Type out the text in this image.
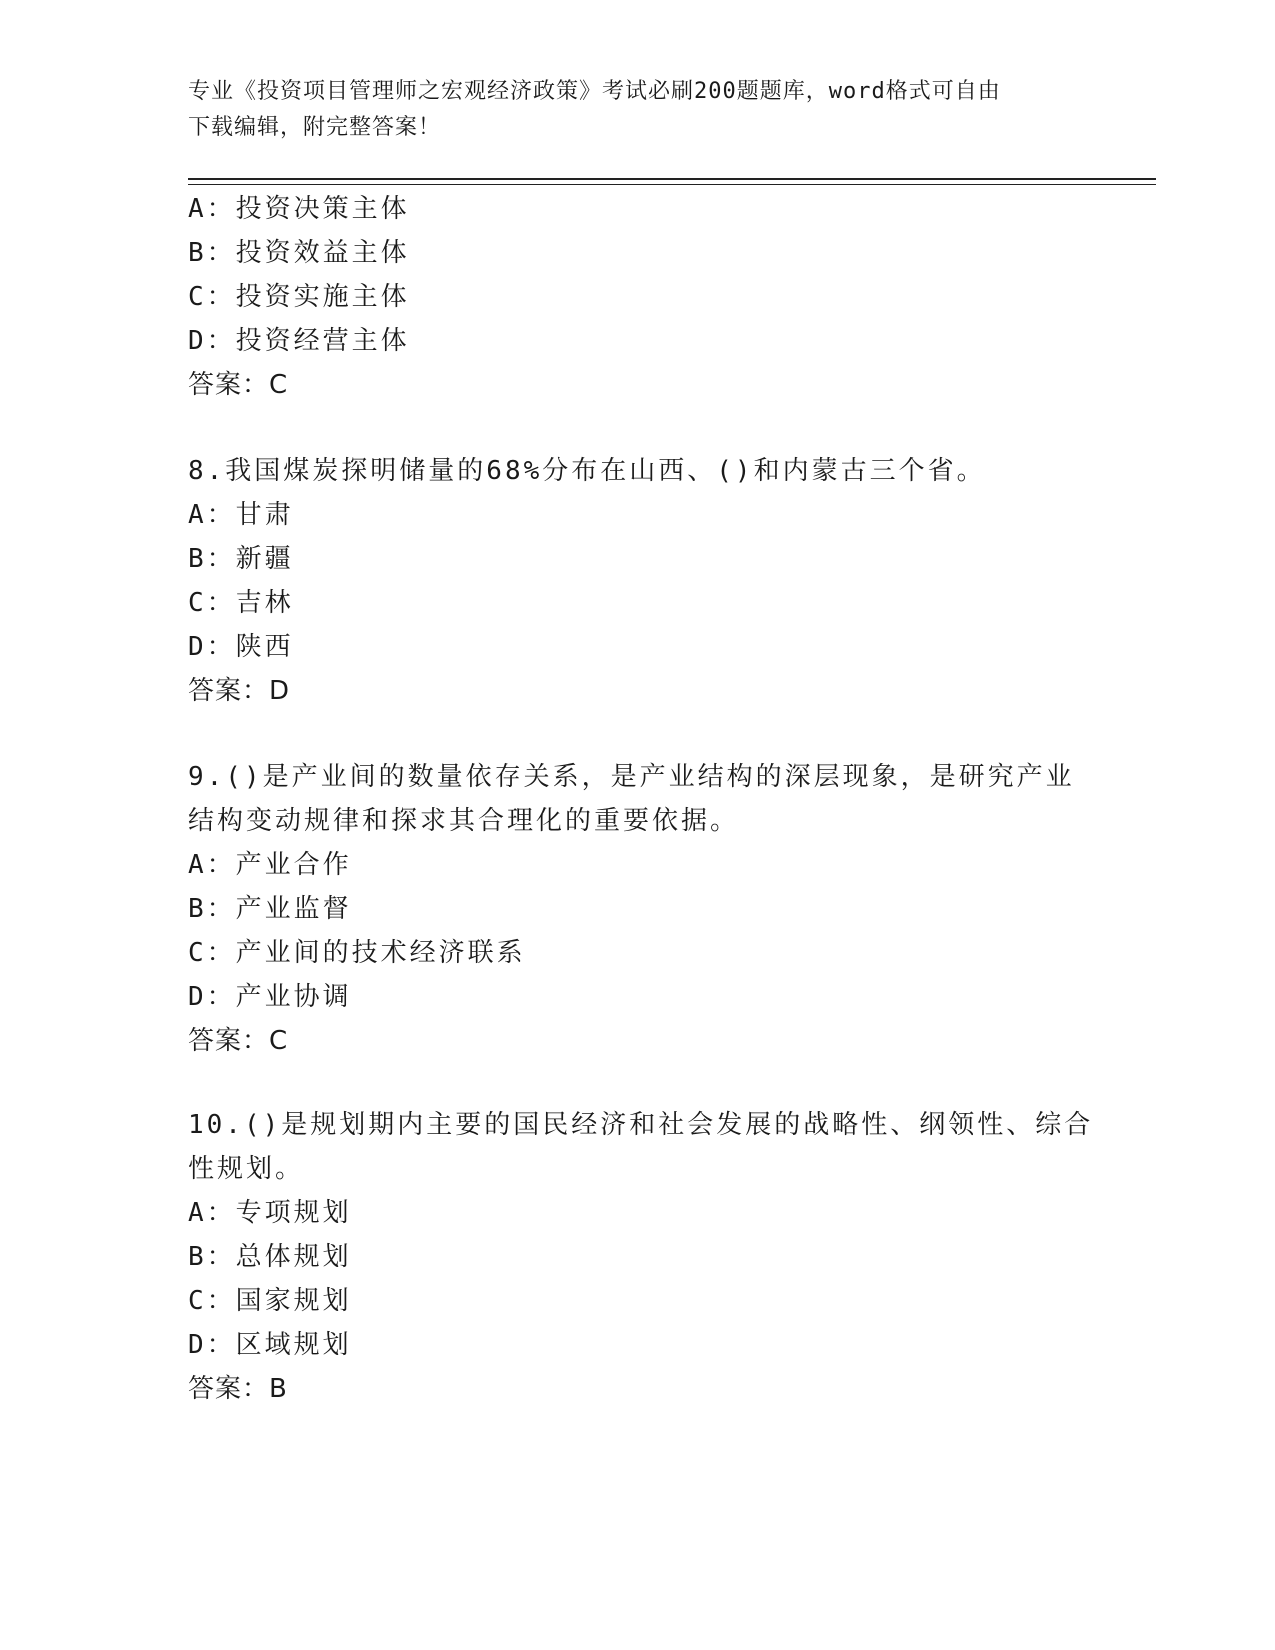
专业《投资项目管理师之宏观经济政策》考试必刷200题题库，word格式可自由
下载编辑，附完整答案！
A：投资决策主体
B：投资效益主体
C：投资实施主体
D：投资经营主体
答案：C
8.我国煤炭探明储量的68%分布在山西、()和内蒙古三个省。
A：甘肃
B：新疆
C：吉林
D：陕西
答案：D
9.()是产业间的数量依存关系，是产业结构的深层现象，是研究产业
结构变动规律和探求其合理化的重要依据。
A：产业合作
B：产业监督
C：产业间的技术经济联系
D：产业协调
答案：C
10.()是规划期内主要的国民经济和社会发展的战略性、纲领性、综合
性规划。
A：专项规划
B：总体规划
C：国家规划
D：区域规划
答案：B
